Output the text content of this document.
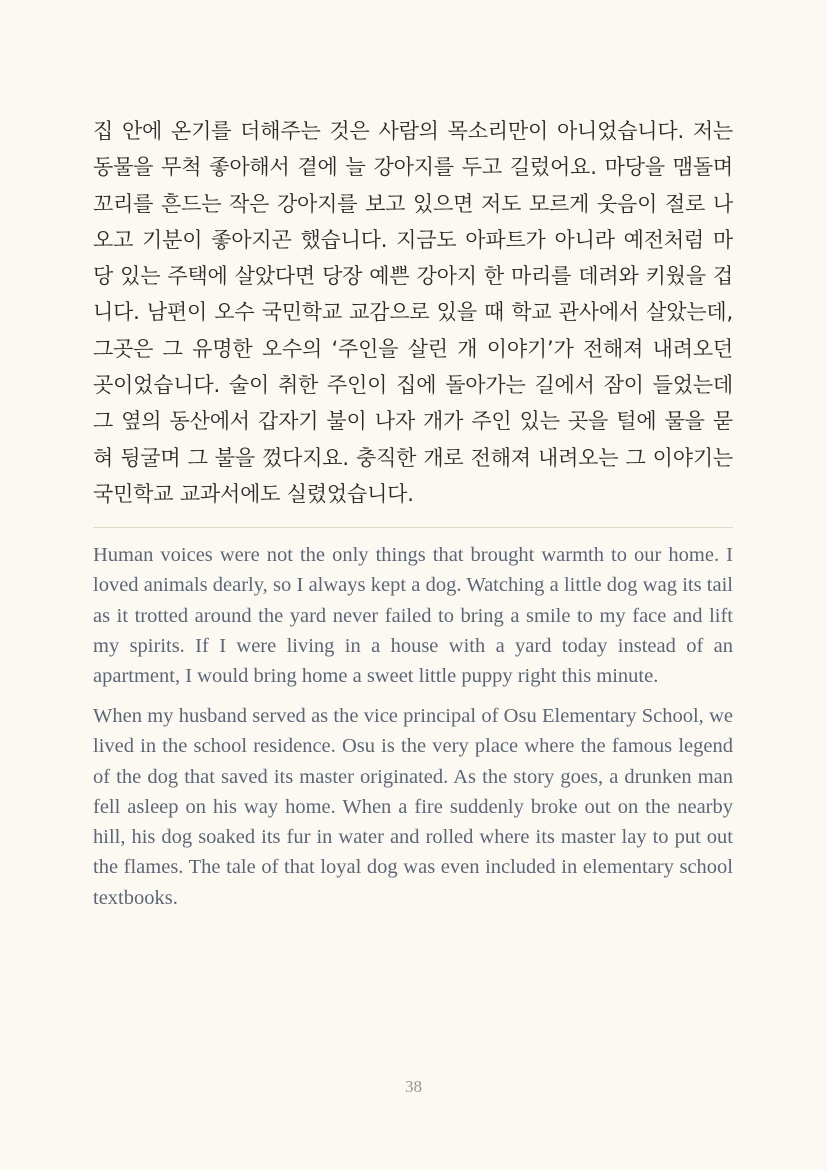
집 안에 온기를 더해주는 것은 사람의 목소리만이 아니었습니다. 저는 동물을 무척 좋아해서 곁에 늘 강아지를 두고 길렀어요. 마당을 맴돌며 꼬리를 흔드는 작은 강아지를 보고 있으면 저도 모르게 웃음이 절로 나오고 기분이 좋아지곤 했습니다. 지금도 아파트가 아니라 예전처럼 마당 있는 주택에 살았다면 당장 예쁜 강아지 한 마리를 데려와 키웠을 겁니다. 남편이 오수 국민학교 교감으로 있을 때 학교 관사에서 살았는데, 그곳은 그 유명한 오수의 ‘주인을 살린 개 이야기’가 전해져 내려오던 곳이었습니다. 술이 취한 주인이 집에 돌아가는 길에서 잠이 들었는데 그 옆의 동산에서 갑자기 불이 나자 개가 주인 있는 곳을 털에 물을 묻혀 뒹굴며 그 불을 껐다지요. 충직한 개로 전해져 내려오는 그 이야기는 국민학교 교과서에도 실렸었습니다.

Human voices were not the only things that brought warmth to our home. I loved animals dearly, so I always kept a dog. Watching a little dog wag its tail as it trotted around the yard never failed to bring a smile to my face and lift my spirits. If I were living in a house with a yard today instead of an apartment, I would bring home a sweet little puppy right this minute.

When my husband served as the vice principal of Osu Elementary School, we lived in the school residence. Osu is the very place where the famous legend of the dog that saved its master originated. As the story goes, a drunken man fell asleep on his way home. When a fire suddenly broke out on the nearby hill, his dog soaked its fur in water and rolled where its master lay to put out the flames. The tale of that loyal dog was even included in elementary school textbooks.

38
